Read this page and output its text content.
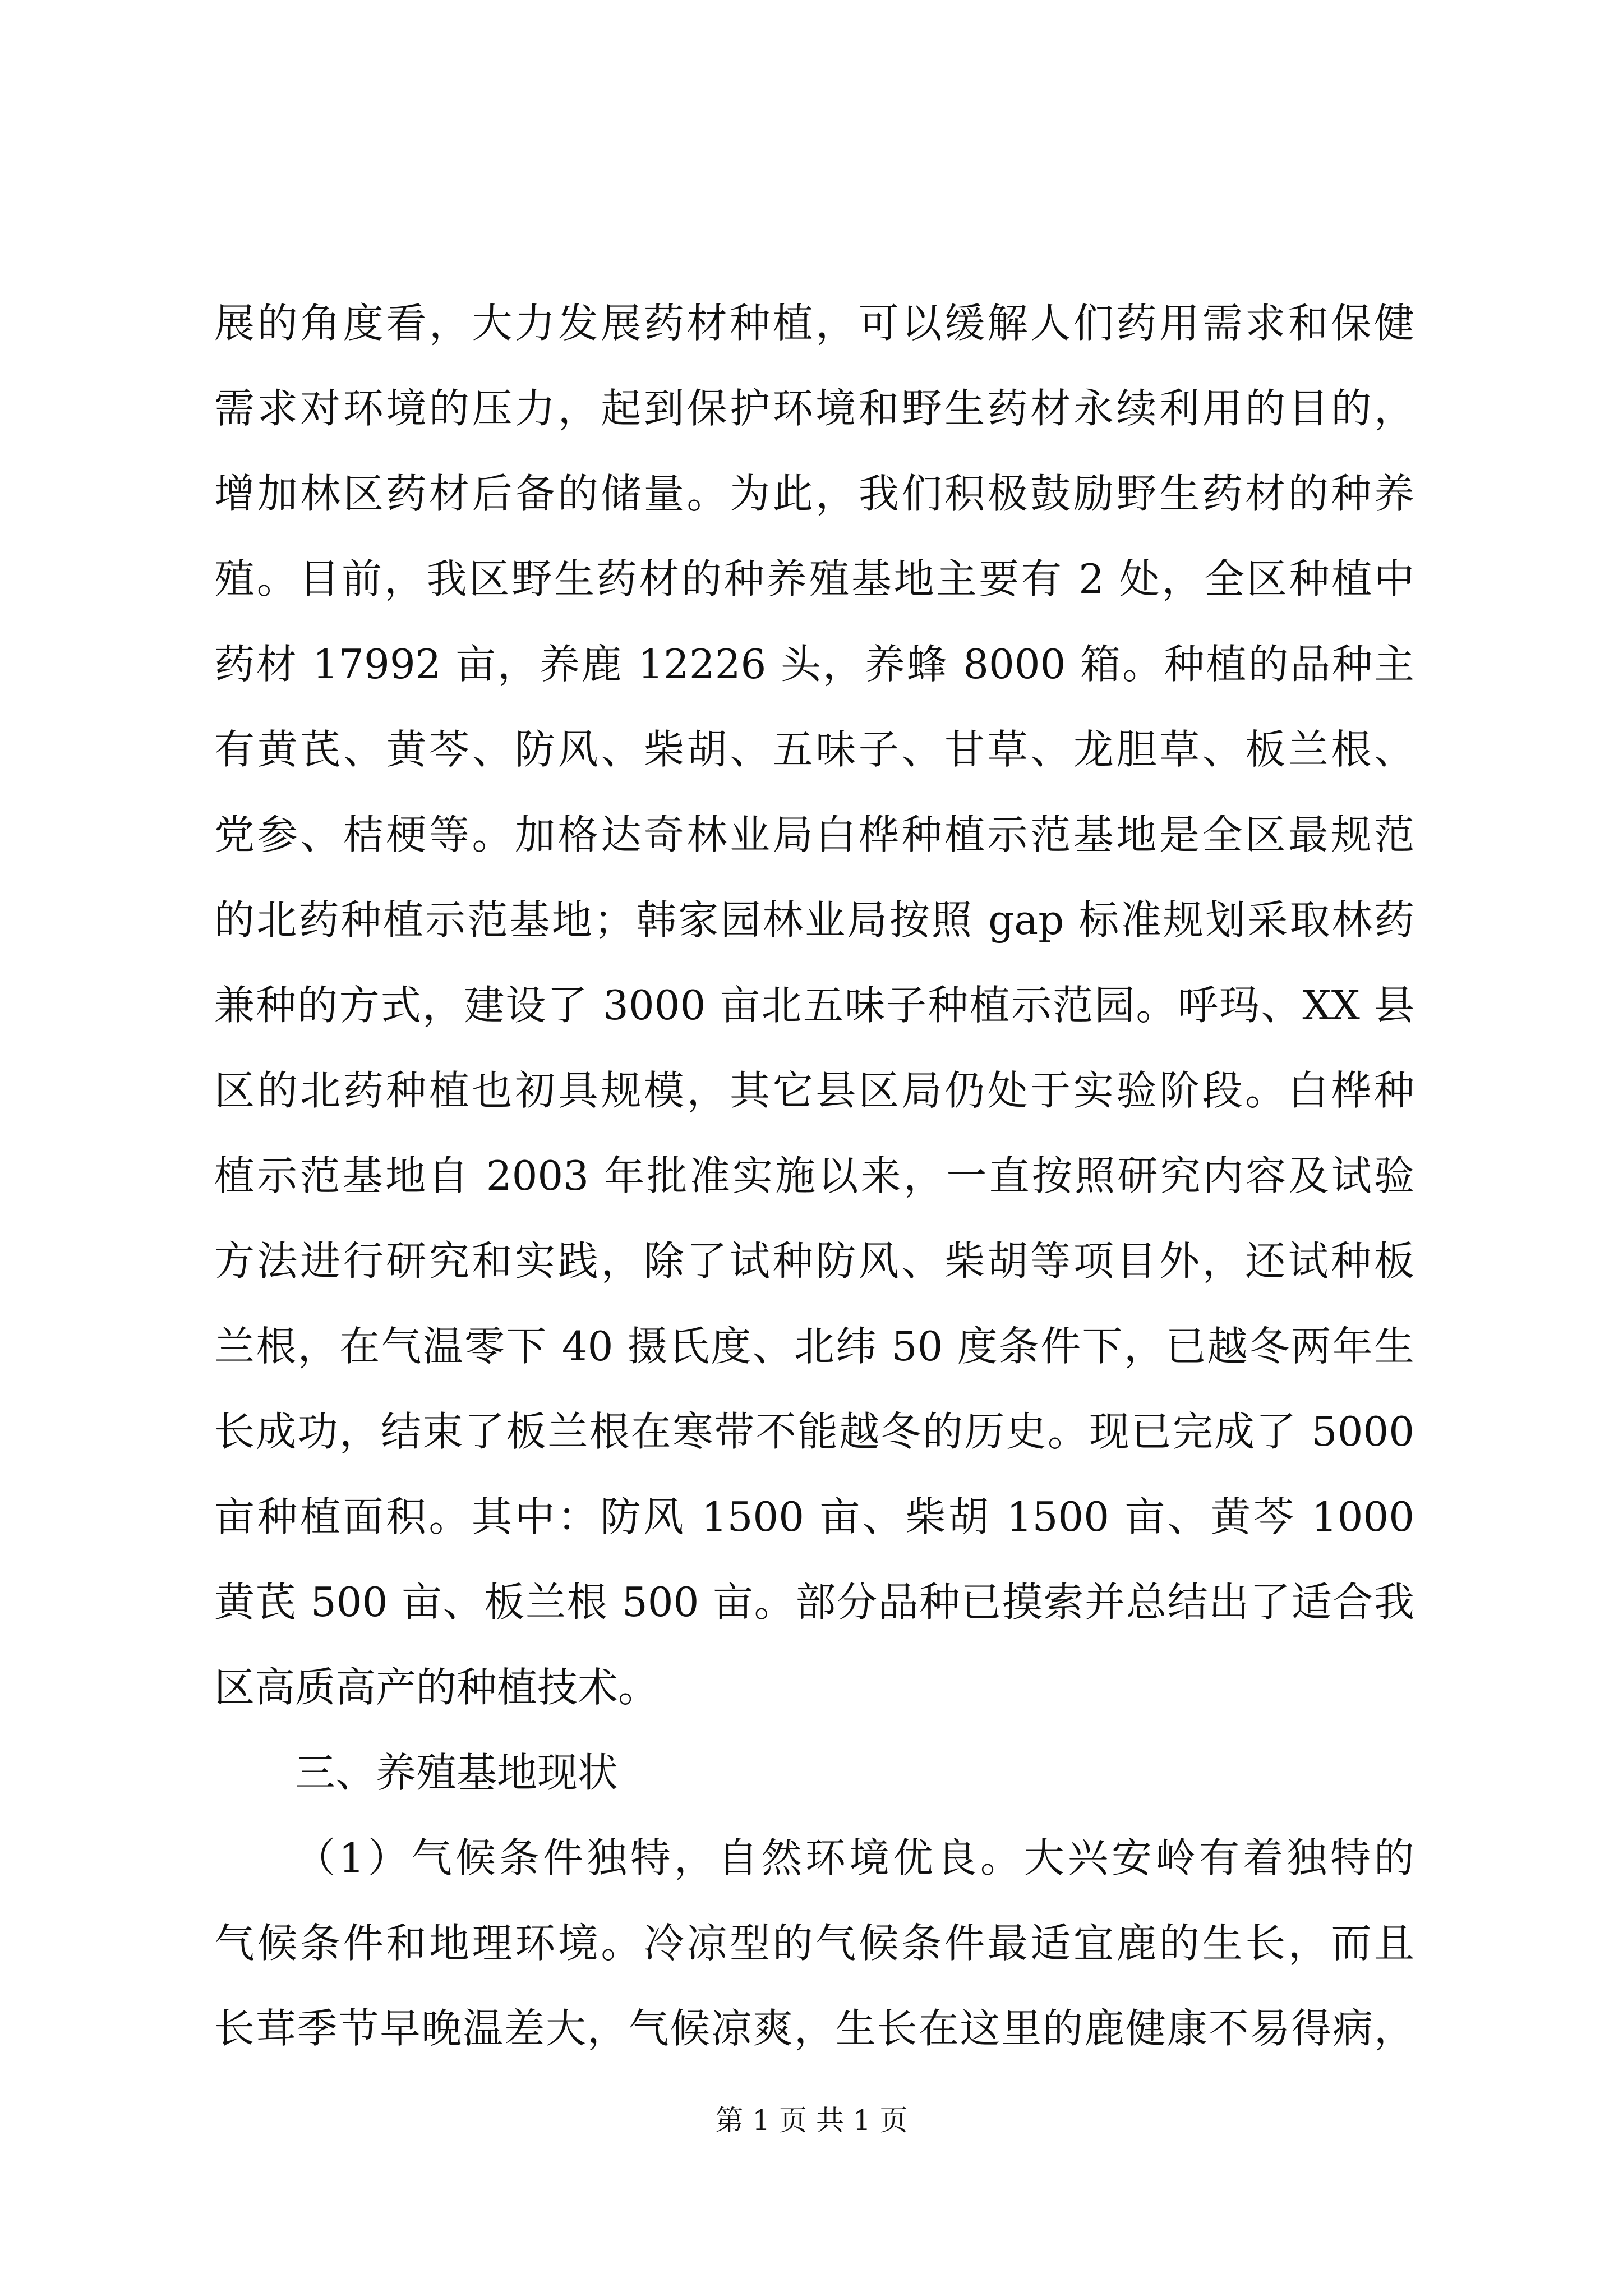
展的角度看，大力发展药材种植，可以缓解人们药用需求和保健
需求对环境的压力，起到保护环境和野生药材永续利用的目的，
增加林区药材后备的储量。为此，我们积极鼓励野生药材的种养
殖。目前，我区野生药材的种养殖基地主要有 2 处，全区种植中
药材 17992 亩，养鹿 12226 头，养蜂 8000 箱。种植的品种主
有黄芪、黄芩、防风、柴胡、五味子、甘草、龙胆草、板兰根、
党参、桔梗等。加格达奇林业局白桦种植示范基地是全区最规范
的北药种植示范基地；韩家园林业局按照 gap 标准规划采取林药
兼种的方式，建设了 3000 亩北五味子种植示范园。呼玛、XX 县
区的北药种植也初具规模，其它县区局仍处于实验阶段。白桦种
植示范基地自 2003 年批准实施以来，一直按照研究内容及试验
方法进行研究和实践，除了试种防风、柴胡等项目外，还试种板
兰根，在气温零下 40 摄氏度、北纬 50 度条件下，已越冬两年生
长成功，结束了板兰根在寒带不能越冬的历史。现已完成了 5000
亩种植面积。其中：防风 1500 亩、柴胡 1500 亩、黄芩 1000
黄芪 500 亩、板兰根 500 亩。部分品种已摸索并总结出了适合我
区高质高产的种植技术。
三、养殖基地现状
（1）气候条件独特，自然环境优良。大兴安岭有着独特的
气候条件和地理环境。冷凉型的气候条件最适宜鹿的生长，而且
长茸季节早晚温差大，气候凉爽，生长在这里的鹿健康不易得病，
第 1 页 共 1 页
